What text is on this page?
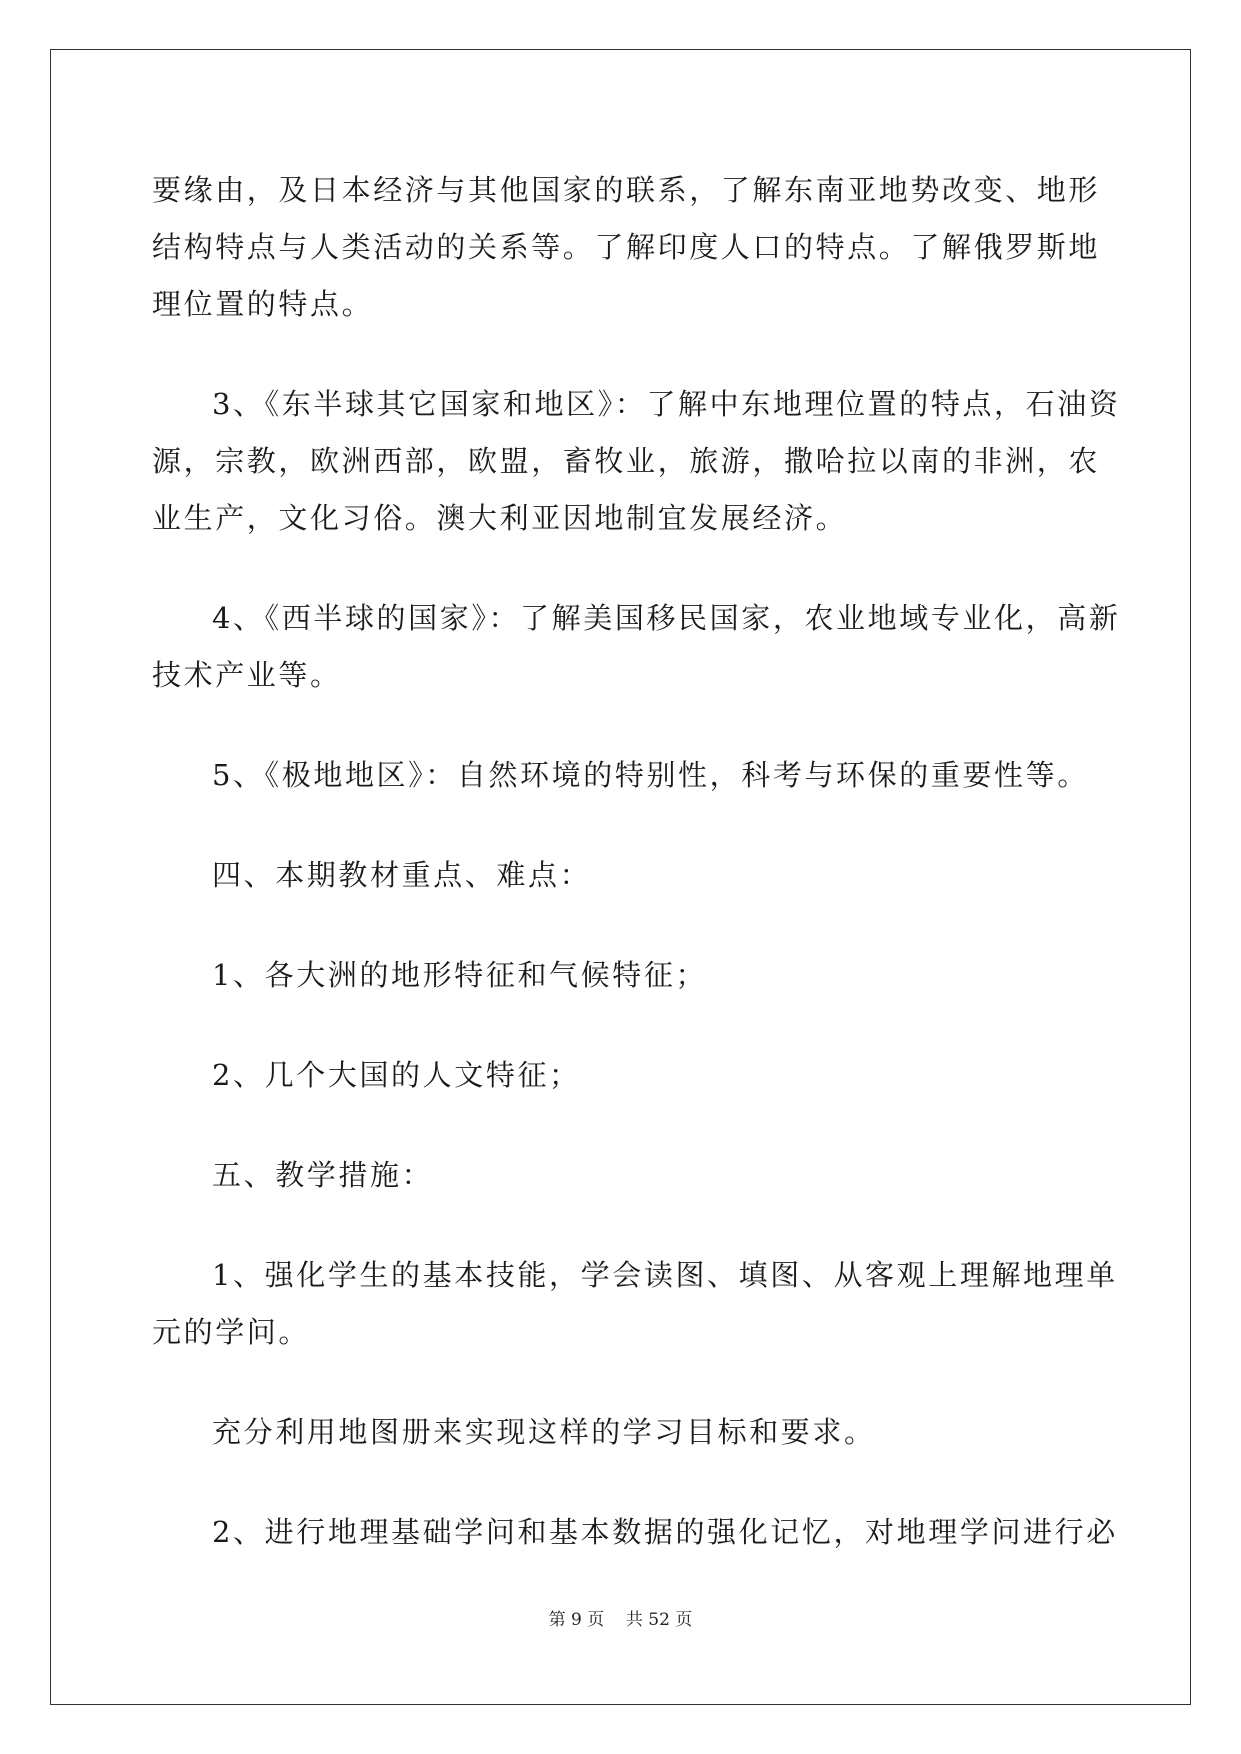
要缘由，及日本经济与其他国家的联系，了解东南亚地势改变、地形
结构特点与人类活动的关系等。了解印度人口的特点。了解俄罗斯地
理位置的特点。
3、《东半球其它国家和地区》：了解中东地理位置的特点，石油资
源，宗教，欧洲西部，欧盟，畜牧业，旅游，撒哈拉以南的非洲，农
业生产，文化习俗。澳大利亚因地制宜发展经济。
4、《西半球的国家》：了解美国移民国家，农业地域专业化，高新
技术产业等。
5、《极地地区》：自然环境的特别性，科考与环保的重要性等。
四、本期教材重点、难点：
1、各大洲的地形特征和气候特征；
2、几个大国的人文特征；
五、教学措施：
1、强化学生的基本技能，学会读图、填图、从客观上理解地理单
元的学问。
充分利用地图册来实现这样的学习目标和要求。
2、进行地理基础学问和基本数据的强化记忆，对地理学问进行必
第 9 页    共 52 页
